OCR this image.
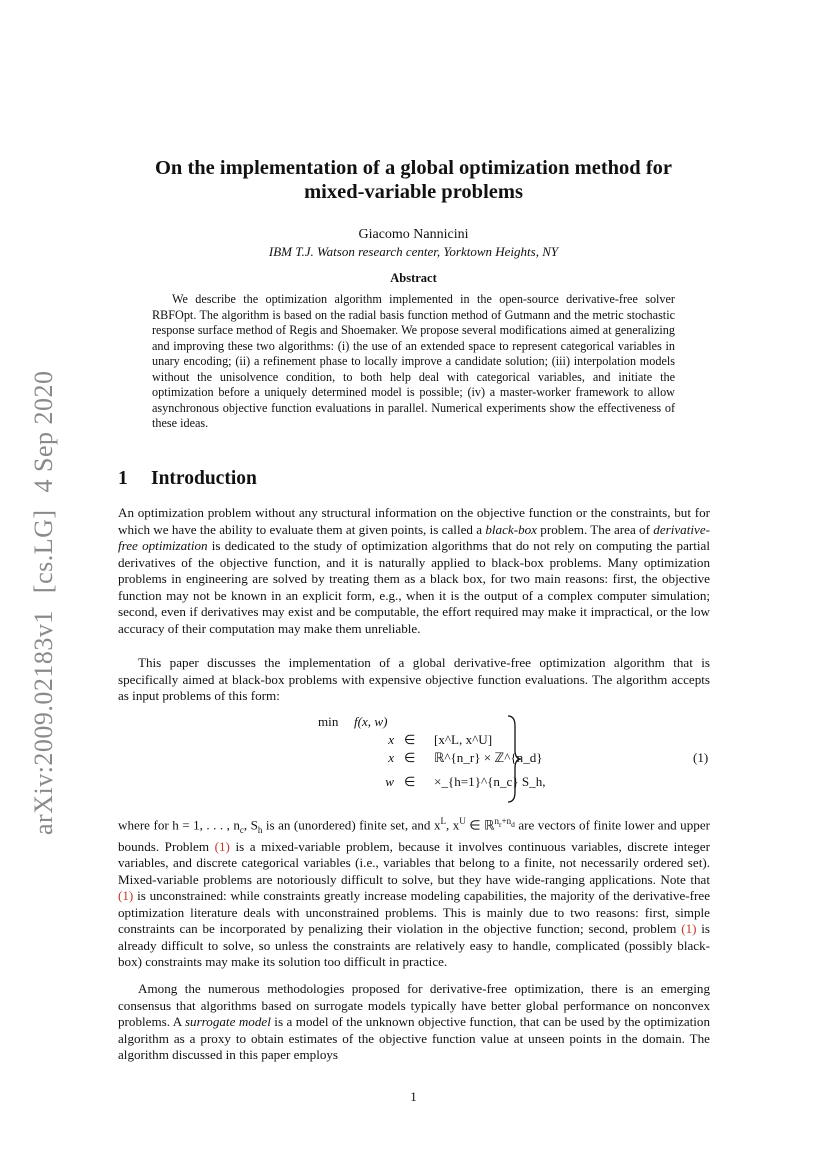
arXiv:2009.02183v1 [cs.LG] 4 Sep 2020
On the implementation of a global optimization method for
mixed-variable problems
Giacomo Nannicini
IBM T.J. Watson research center, Yorktown Heights, NY
Abstract

We describe the optimization algorithm implemented in the open-source derivative-free solver RBFOpt. The algorithm is based on the radial basis function method of Gutmann and the metric stochastic response surface method of Regis and Shoemaker. We propose several modifications aimed at generalizing and improving these two algorithms: (i) the use of an extended space to represent categorical variables in unary encoding; (ii) a refinement phase to locally improve a candidate solution; (iii) interpolation models without the unisolvence condition, to both help deal with categorical variables, and initiate the optimization before a uniquely determined model is possible; (iv) a master-worker framework to allow asynchronous objective function evaluations in parallel. Numerical experiments show the effectiveness of these ideas.

1 Introduction

An optimization problem without any structural information on the objective function or the constraints, but for which we have the ability to evaluate them at given points, is called a black-box problem. The area of derivative-free optimization is dedicated to the study of optimization algorithms that do not rely on computing the partial derivatives of the objective function, and it is naturally applied to black-box problems. Many optimization problems in engineering are solved by treating them as a black box, for two main reasons: first, the objective function may not be known in an explicit form, e.g., when it is the output of a complex computer simulation; second, even if derivatives may exist and be computable, the effort required may make it impractical, or the low accuracy of their computation may make them unreliable.

This paper discusses the implementation of a global derivative-free optimization algorithm that is specifically aimed at black-box problems with expensive objective function evaluations. The algorithm accepts as input problems of this form:

min f(x, w)
x ∈ [x^L, x^U]
x ∈ ℝ^{n_r} × ℤ^{n_d}
w ∈ ×_{h=1}^{n_c} S_h,
(1)

where for h = 1, . . . , $n_c$, $S_h$ is an (unordered) finite set, and $x^L$, $x^U$ ∈ ℝ$^{n_r+n_d}$ are vectors of finite lower and upper bounds. Problem (1) is a mixed-variable problem, because it involves continuous variables, discrete integer variables, and discrete categorical variables (i.e., variables that belong to a finite, not necessarily ordered set). Mixed-variable problems are notoriously difficult to solve, but they have wide-ranging applications. Note that (1) is unconstrained: while constraints greatly increase modeling capabilities, the majority of the derivative-free optimization literature deals with unconstrained problems. This is mainly due to two reasons: first, simple constraints can be incorporated by penalizing their violation in the objective function; second, problem (1) is already difficult to solve, so unless the constraints are relatively easy to handle, complicated (possibly black-box) constraints may make its solution too difficult in practice.

Among the numerous methodologies proposed for derivative-free optimization, there is an emerging consensus that algorithms based on surrogate models typically have better global performance on nonconvex problems. A surrogate model is a model of the unknown objective function, that can be used by the optimization algorithm as a proxy to obtain estimates of the objective function value at unseen points in the domain. The algorithm discussed in this paper employs

1
